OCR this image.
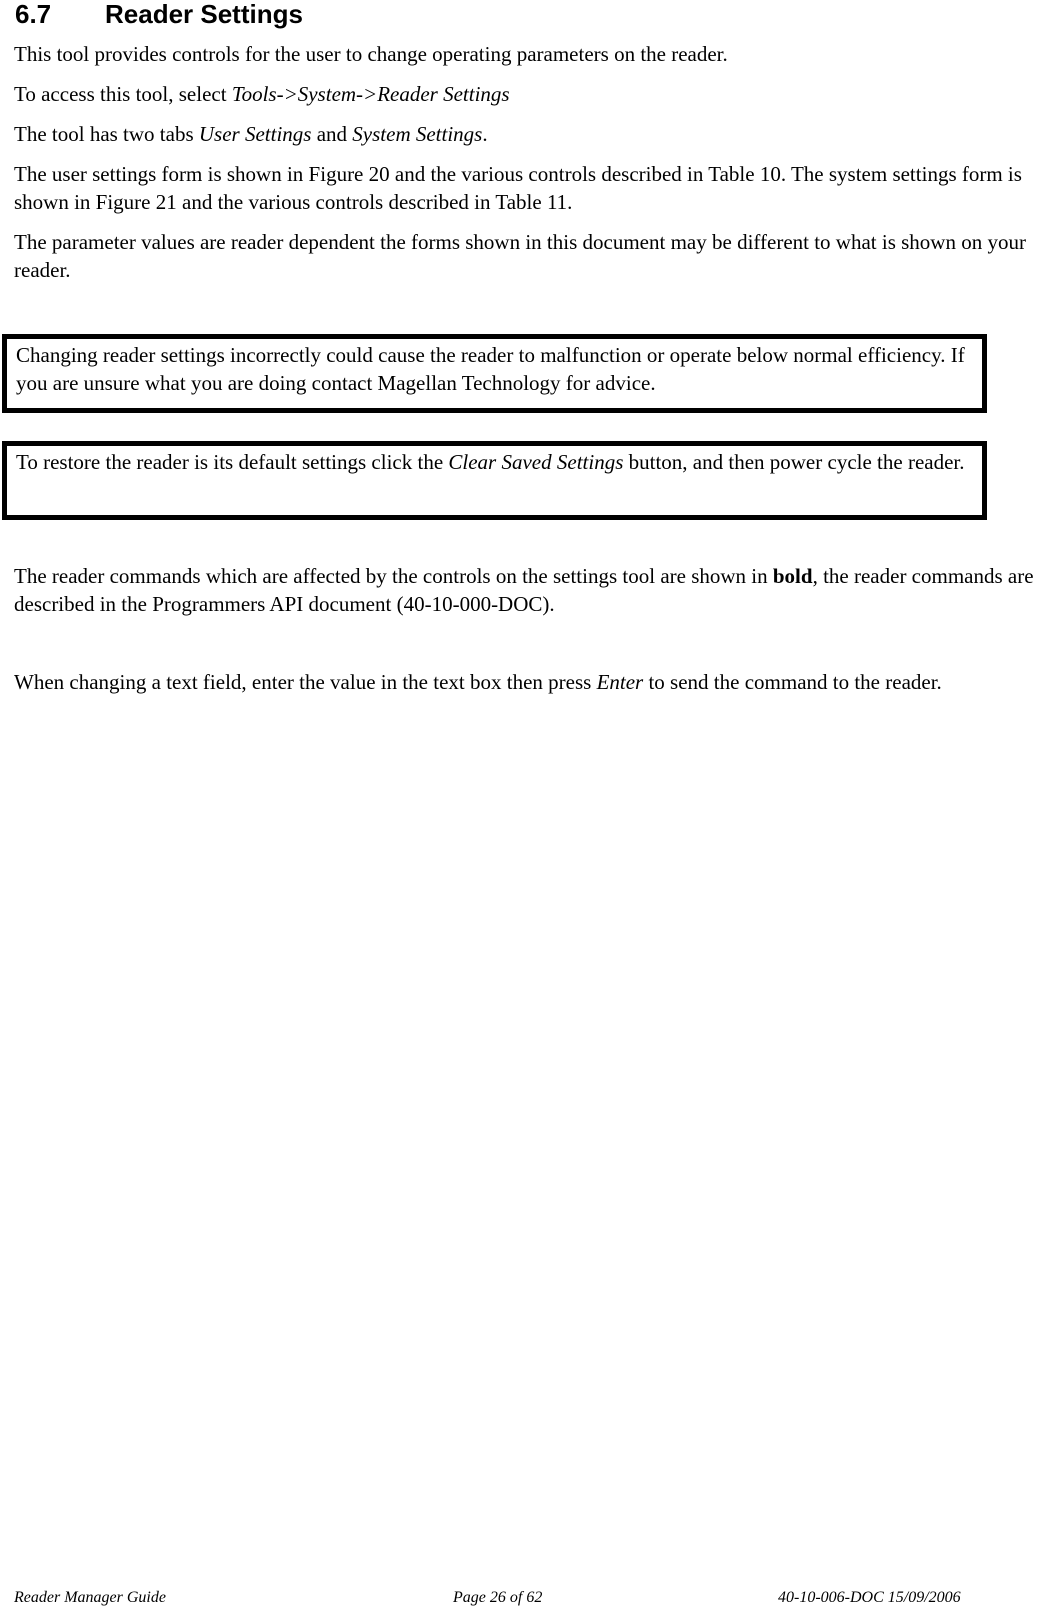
6.7 Reader Settings

This tool provides controls for the user to change operating parameters on the reader.

To access this tool, select Tools->System->Reader Settings

The tool has two tabs User Settings and System Settings.

The user settings form is shown in Figure 20 and the various controls described in Table 10. The system settings form is shown in Figure 21 and the various controls described in Table 11.

The parameter values are reader dependent the forms shown in this document may be different to what is shown on your reader.

Changing reader settings incorrectly could cause the reader to malfunction or operate below normal efficiency. If you are unsure what you are doing contact Magellan Technology for advice.
To restore the reader is its default settings click the Clear Saved Settings button, and then power cycle the reader.

The reader commands which are affected by the controls on the settings tool are shown in bold, the reader commands are described in the Programmers API document (40-10-000-DOC).

When changing a text field, enter the value in the text box then press Enter to send the command to the reader.

Reader Manager Guide	Page 26 of 62	40-10-006-DOC 15/09/2006
